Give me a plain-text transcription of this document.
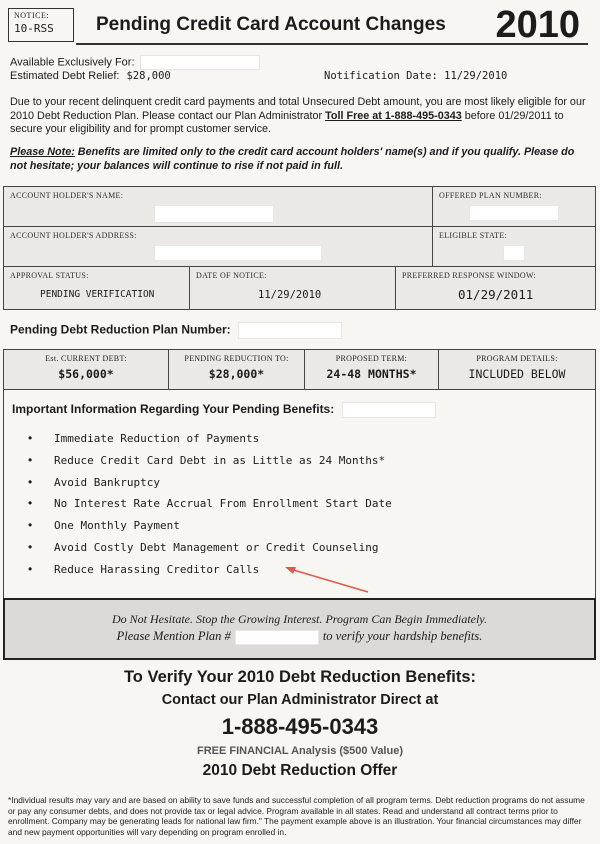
NOTICE:
10-RSS	Pending Credit Card Account Changes 2010
Available Exclusively For:
Estimated Debt Relief: $28,000	Notification Date: 11/29/2010
Due to your recent delinquent credit card payments and total Unsecured Debt amount, you are most likely eligible for our 2010 Debt Reduction Plan. Please contact our Plan Administrator Toll Free at 1-888-495-0343 before 01/29/2011 to secure your eligibility and for prompt customer service.
Please Note: Benefits are limited only to the credit card account holders' name(s) and if you qualify. Please do not hesitate; your balances will continue to rise if not paid in full.
ACCOUNT HOLDER'S NAME:	OFFERED PLAN NUMBER:
ACCOUNT HOLDER'S ADDRESS:	ELIGIBLE STATE:
APPROVAL STATUS:
PENDING VERIFICATION
DATE OF NOTICE:
11/29/2010
PREFERRED RESPONSE WINDOW:
01/29/2011
Pending Debt Reduction Plan Number:
Est. CURRENT DEBT:
$56,000*
PENDING REDUCTION TO:
$28,000*
PROPOSED TERM:
24-48 MONTHS*
PROGRAM DETAILS:
INCLUDED BELOW
Important Information Regarding Your Pending Benefits:
• Immediate Reduction of Payments
• Reduce Credit Card Debt in as Little as 24 Months*
• Avoid Bankruptcy
• No Interest Rate Accrual From Enrollment Start Date
• One Monthly Payment
• Avoid Costly Debt Management or Credit Counseling
• Reduce Harassing Creditor Calls
Do Not Hesitate. Stop the Growing Interest. Program Can Begin Immediately.
Please Mention Plan #	to verify your hardship benefits.
To Verify Your 2010 Debt Reduction Benefits:
Contact our Plan Administrator Direct at
1-888-495-0343
FREE FINANCIAL Analysis ($500 Value)
2010 Debt Reduction Offer
*Individual results may vary and are based on ability to save funds and successful completion of all program terms. Debt reduction programs do not assume or pay any consumer debts, and does not provide tax or legal advice. Program available in all states. Read and understand all contract terms prior to enrollment. Company may be generating leads for national law firm." The payment example above is an illustration. Your financial circumstances may differ and new payment opportunities will vary depending on program enrolled in.
